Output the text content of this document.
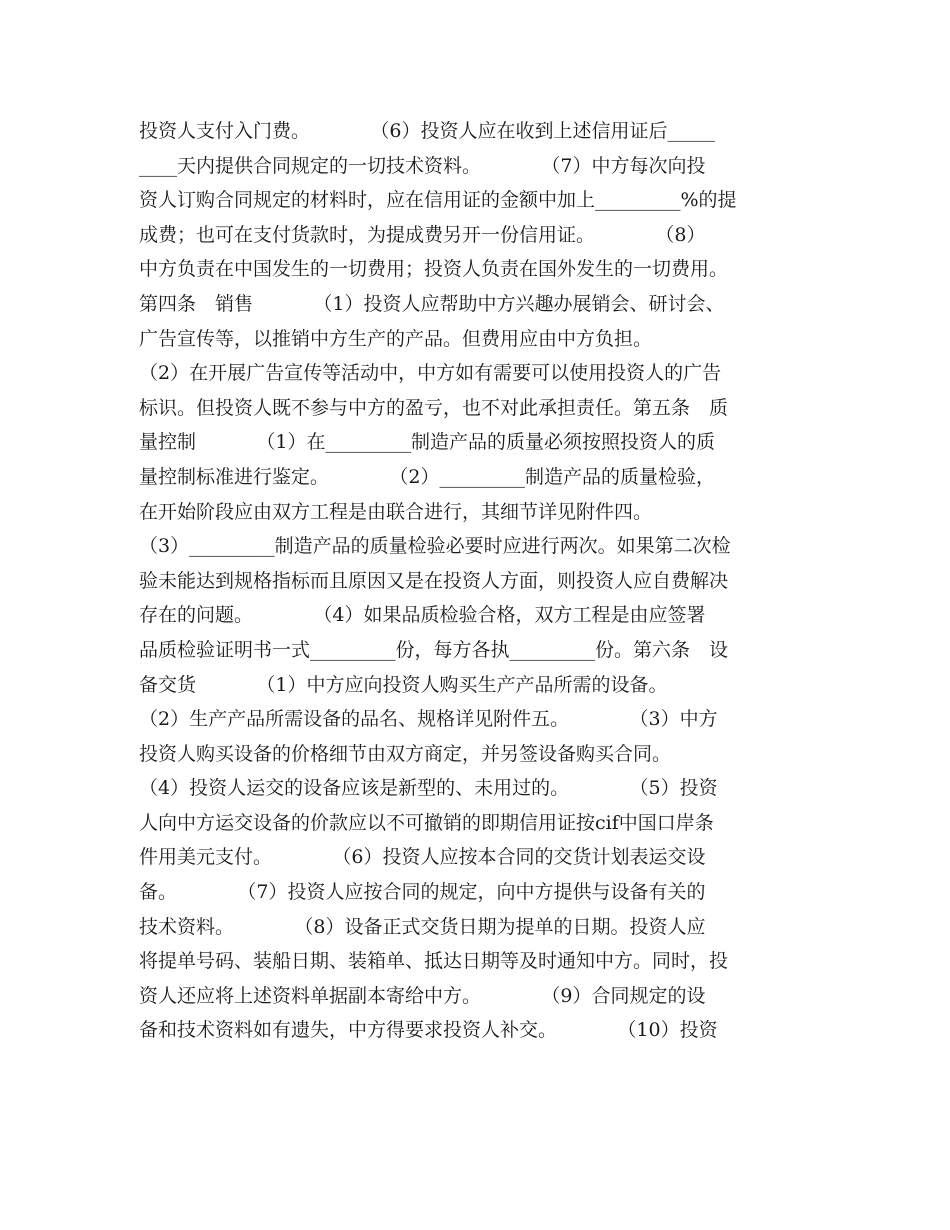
投资人支付入门费。          （6）投资人应在收到上述信用证后_____
____天内提供合同规定的一切技术资料。          （7）中方每次向投
资人订购合同规定的材料时，应在信用证的金额中加上_________%的提
成费；也可在支付货款时，为提成费另开一份信用证。          （8）
中方负责在中国发生的一切费用；投资人负责在国外发生的一切费用。
第四条　销售          （1）投资人应帮助中方兴趣办展销会、研讨会、
广告宣传等，以推销中方生产的产品。但费用应由中方负担。
（2）在开展广告宣传等活动中，中方如有需要可以使用投资人的广告
标识。但投资人既不参与中方的盈亏，也不对此承担责任。第五条　质
量控制          （1）在_________制造产品的质量必须按照投资人的质
量控制标准进行鉴定。          （2）_________制造产品的质量检验，
在开始阶段应由双方工程是由联合进行，其细节详见附件四。
（3）_________制造产品的质量检验必要时应进行两次。如果第二次检
验未能达到规格指标而且原因又是在投资人方面，则投资人应自费解决
存在的问题。          （4）如果品质检验合格，双方工程是由应签署
品质检验证明书一式_________份，每方各执_________份。第六条　设
备交货          （1）中方应向投资人购买生产产品所需的设备。
（2）生产产品所需设备的品名、规格详见附件五。          （3）中方
投资人购买设备的价格细节由双方商定，并另签设备购买合同。
（4）投资人运交的设备应该是新型的、未用过的。          （5）投资
人向中方运交设备的价款应以不可撤销的即期信用证按cif中国口岸条
件用美元支付。          （6）投资人应按本合同的交货计划表运交设
备。          （7）投资人应按合同的规定，向中方提供与设备有关的
技术资料。          （8）设备正式交货日期为提单的日期。投资人应
将提单号码、装船日期、装箱单、抵达日期等及时通知中方。同时，投
资人还应将上述资料单据副本寄给中方。          （9）合同规定的设
备和技术资料如有遗失，中方得要求投资人补交。          （10）投资
